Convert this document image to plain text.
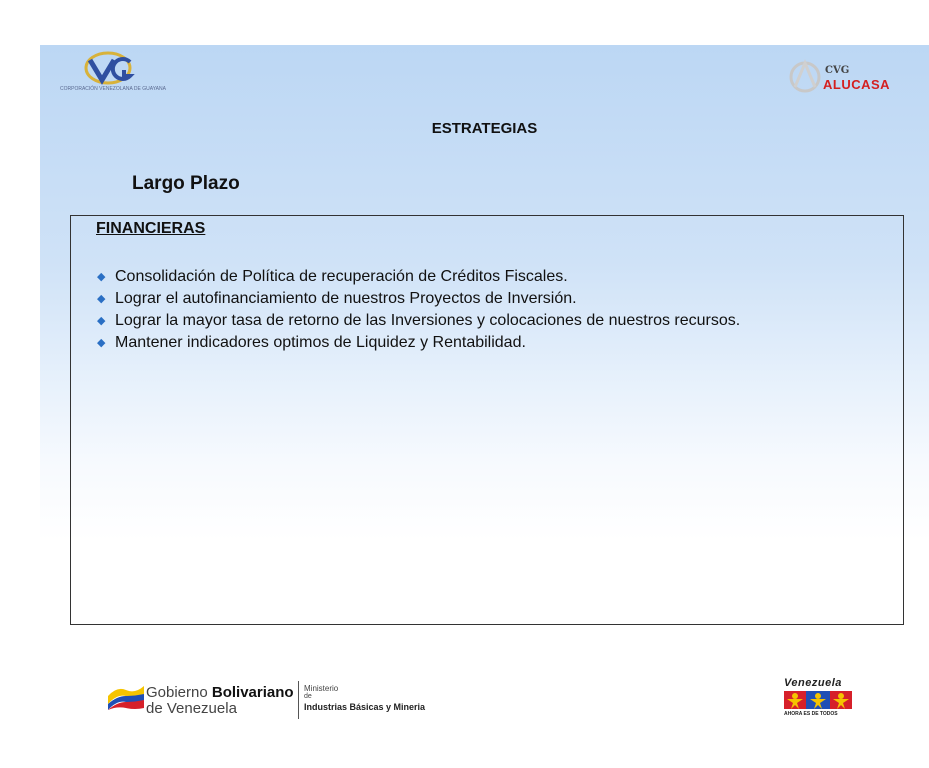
CORPORACIÓN VENEZOLANA DE GUAYANA
CVG
ALUCASA
ESTRATEGIAS
Largo Plazo
FINANCIERAS
◆ Consolidación de Política de recuperación de Créditos Fiscales.
◆ Lograr el autofinanciamiento de nuestros Proyectos de Inversión.
◆ Lograr la mayor tasa de retorno de las Inversiones y colocaciones de nuestros recursos.
◆ Mantener indicadores optimos de Liquidez y Rentabilidad.
Gobierno Bolivariano
de Venezuela
Ministerio
de
Industrias Básicas y Mineria
Venezuela
AHORA ES DE TODOS
